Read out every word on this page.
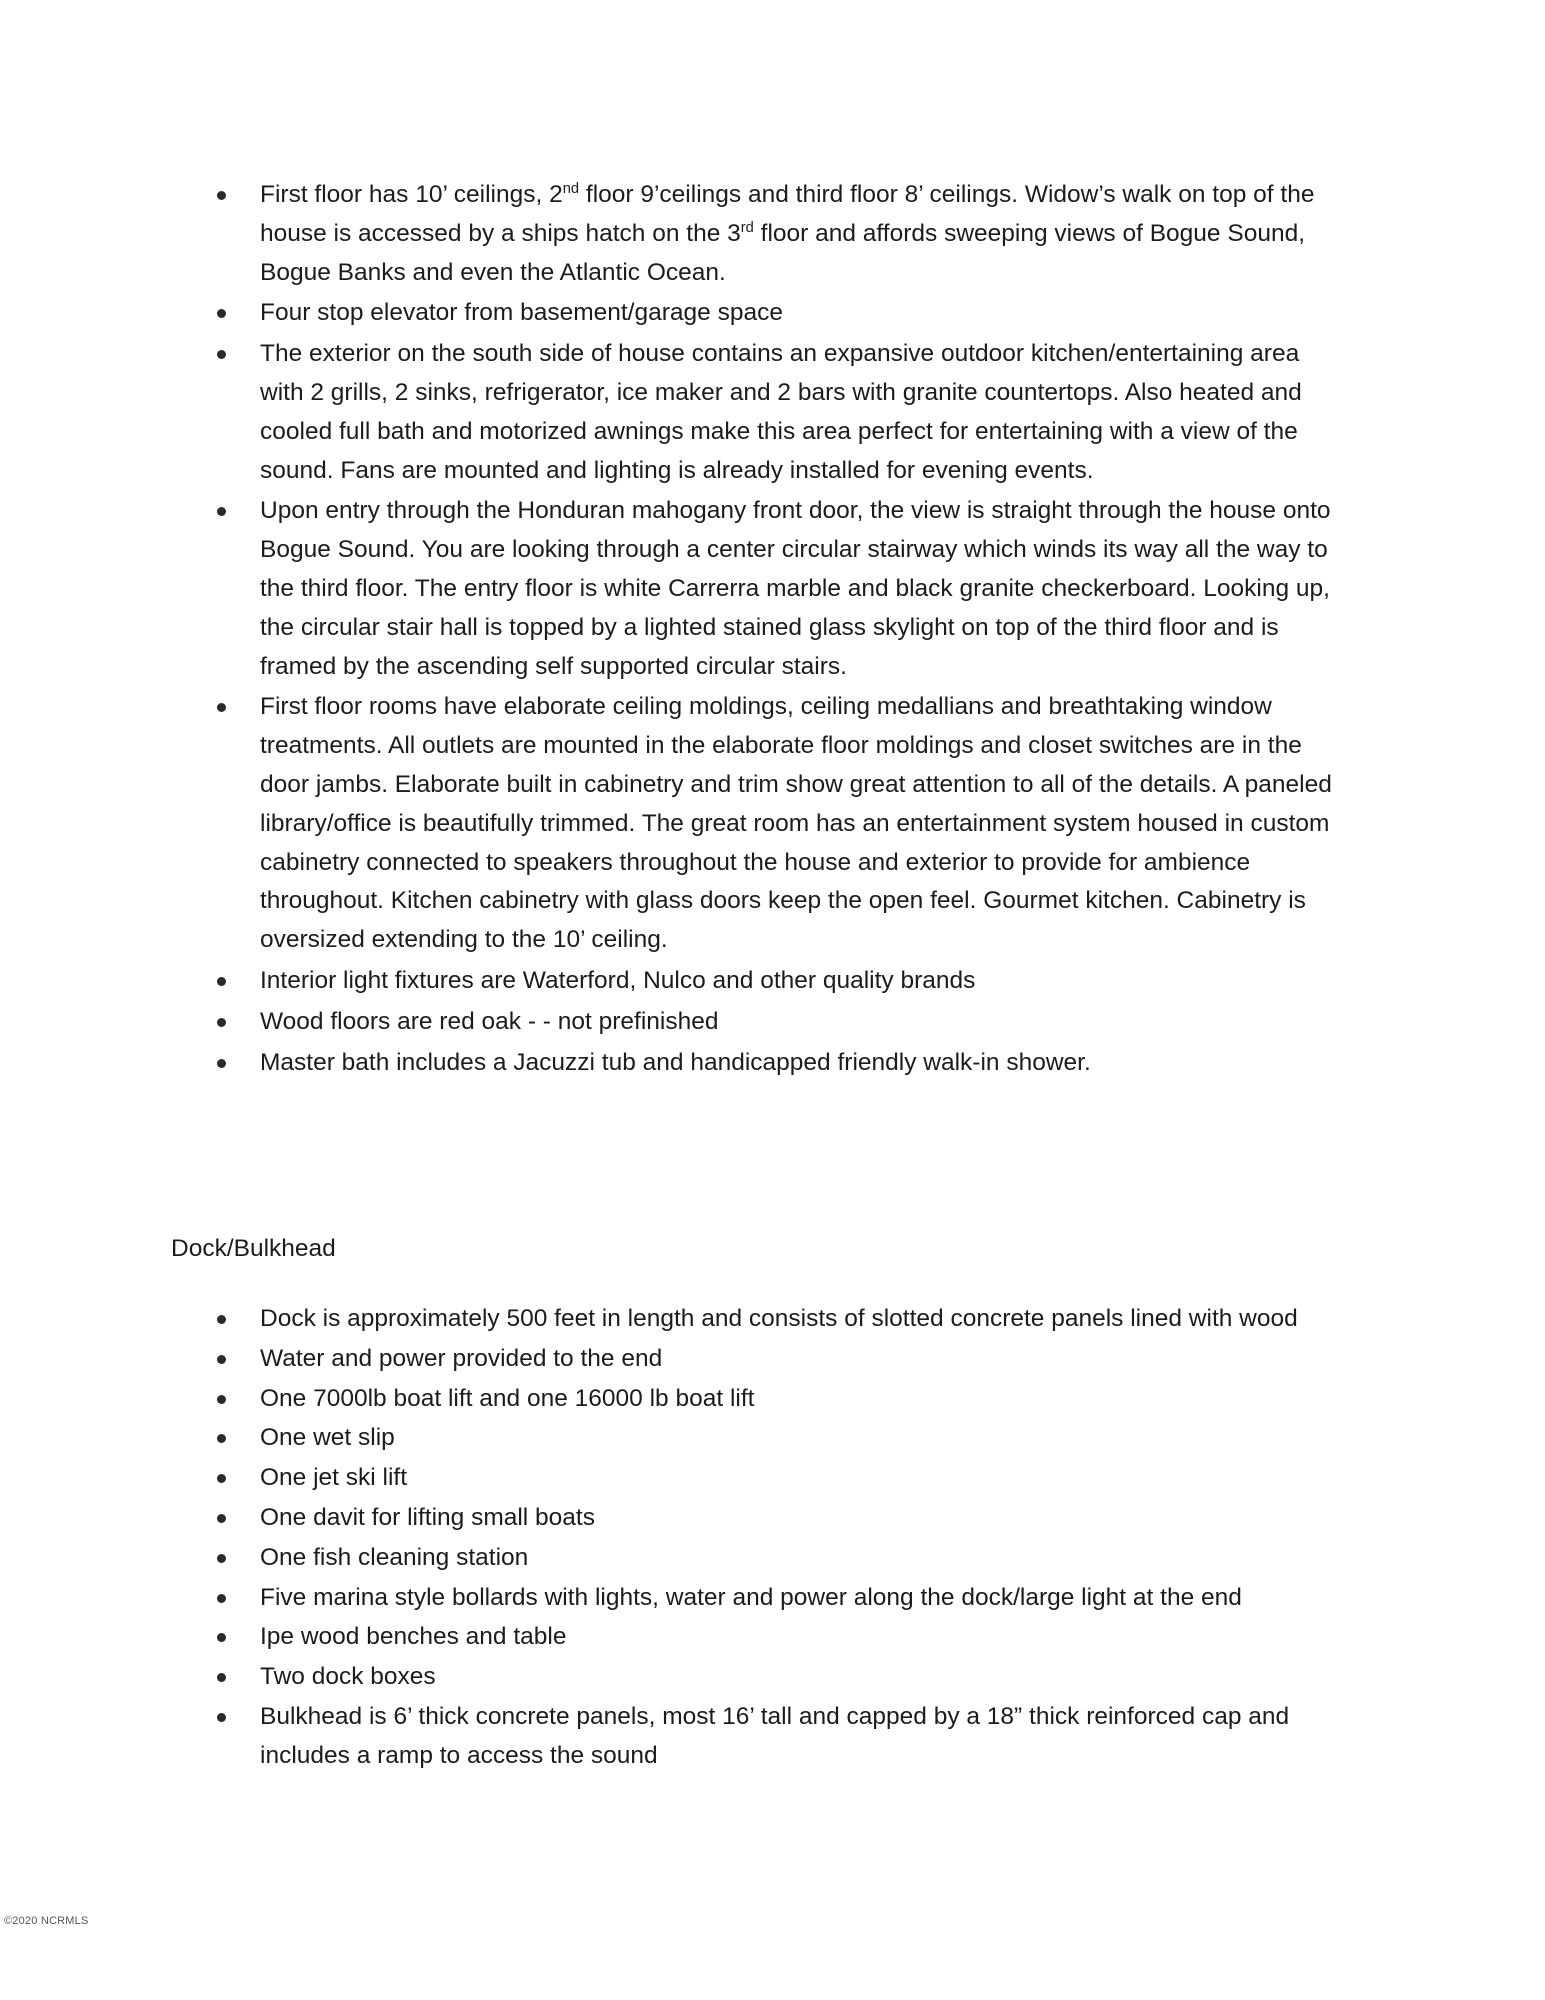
First floor has 10’ ceilings, 2nd floor 9’ceilings and third floor 8’ ceilings. Widow’s walk on top of the house is accessed by a ships hatch on the 3rd floor and affords sweeping views of Bogue Sound, Bogue Banks and even the Atlantic Ocean.
Four stop elevator from basement/garage space
The exterior on the south side of house contains an expansive outdoor kitchen/entertaining area with 2 grills, 2 sinks, refrigerator, ice maker and 2 bars with granite countertops. Also heated and cooled full bath and motorized awnings make this area perfect for entertaining with a view of the sound. Fans are mounted and lighting is already installed for evening events.
Upon entry through the Honduran mahogany front door, the view is straight through the house onto Bogue Sound. You are looking through a center circular stairway which winds its way all the way to the third floor. The entry floor is white Carrerra marble and black granite checkerboard. Looking up, the circular stair hall is topped by a lighted stained glass skylight on top of the third floor and is framed by the ascending self supported circular stairs.
First floor rooms have elaborate ceiling moldings, ceiling medallians and breathtaking window treatments. All outlets are mounted in the elaborate floor moldings and closet switches are in the door jambs. Elaborate built in cabinetry and trim show great attention to all of the details. A paneled library/office is beautifully trimmed. The great room has an entertainment system housed in custom cabinetry connected to speakers throughout the house and exterior to provide for ambience throughout. Kitchen cabinetry with glass doors keep the open feel. Gourmet kitchen. Cabinetry is oversized extending to the 10’ ceiling.
Interior light fixtures are Waterford, Nulco and other quality brands
Wood floors are red oak - - not prefinished
Master bath includes a Jacuzzi tub and handicapped friendly walk-in shower.
Dock/Bulkhead
Dock is approximately 500 feet in length and consists of slotted concrete panels lined with wood
Water and power provided to the end
One 7000lb boat lift and one 16000 lb boat lift
One wet slip
One jet ski lift
One davit for lifting small boats
One fish cleaning station
Five marina style bollards with lights, water and power along the dock/large light at the end
Ipe wood benches and table
Two dock boxes
Bulkhead is 6’ thick concrete panels, most 16’ tall and capped by a 18” thick reinforced cap and includes a ramp to access the sound
©2020 NCRMLS
